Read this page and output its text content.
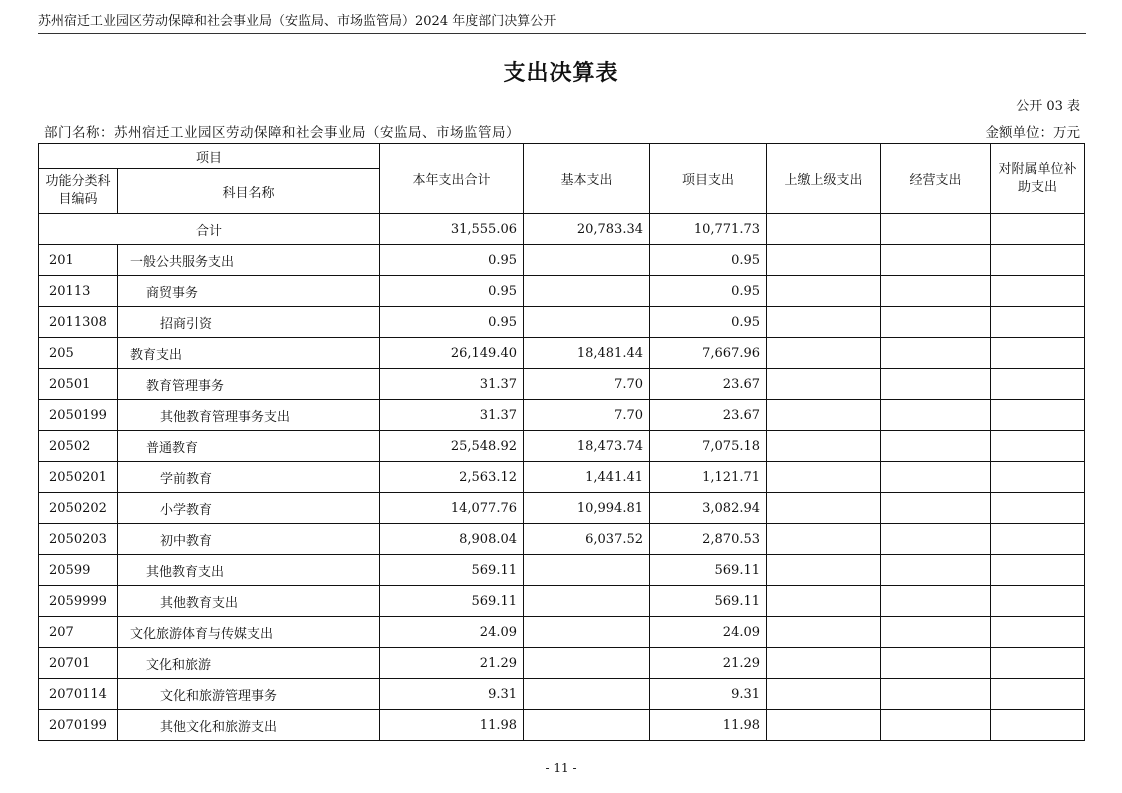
苏州宿迁工业园区劳动保障和社会事业局（安监局、市场监管局）2024 年度部门决算公开
支出决算表
公开 03 表
部门名称：苏州宿迁工业园区劳动保障和社会事业局（安监局、市场监管局）	金额单位：万元
项目		本年支出合计	基本支出	项目支出	上缴上级支出	经营支出	对附属单位补助支出
功能分类科目编码	科目名称						
合计		31,555.06	20,783.34	10,771.73			
201	一般公共服务支出	0.95		0.95			
20113	商贸事务	0.95		0.95			
2011308	招商引资	0.95		0.95			
205	教育支出	26,149.40	18,481.44	7,667.96			
20501	教育管理事务	31.37	7.70	23.67			
2050199	其他教育管理事务支出	31.37	7.70	23.67			
20502	普通教育	25,548.92	18,473.74	7,075.18			
2050201	学前教育	2,563.12	1,441.41	1,121.71			
2050202	小学教育	14,077.76	10,994.81	3,082.94			
2050203	初中教育	8,908.04	6,037.52	2,870.53			
20599	其他教育支出	569.11		569.11			
2059999	其他教育支出	569.11		569.11			
207	文化旅游体育与传媒支出	24.09		24.09			
20701	文化和旅游	21.29		21.29			
2070114	文化和旅游管理事务	9.31		9.31			
2070199	其他文化和旅游支出	11.98		11.98			
- 11 -
